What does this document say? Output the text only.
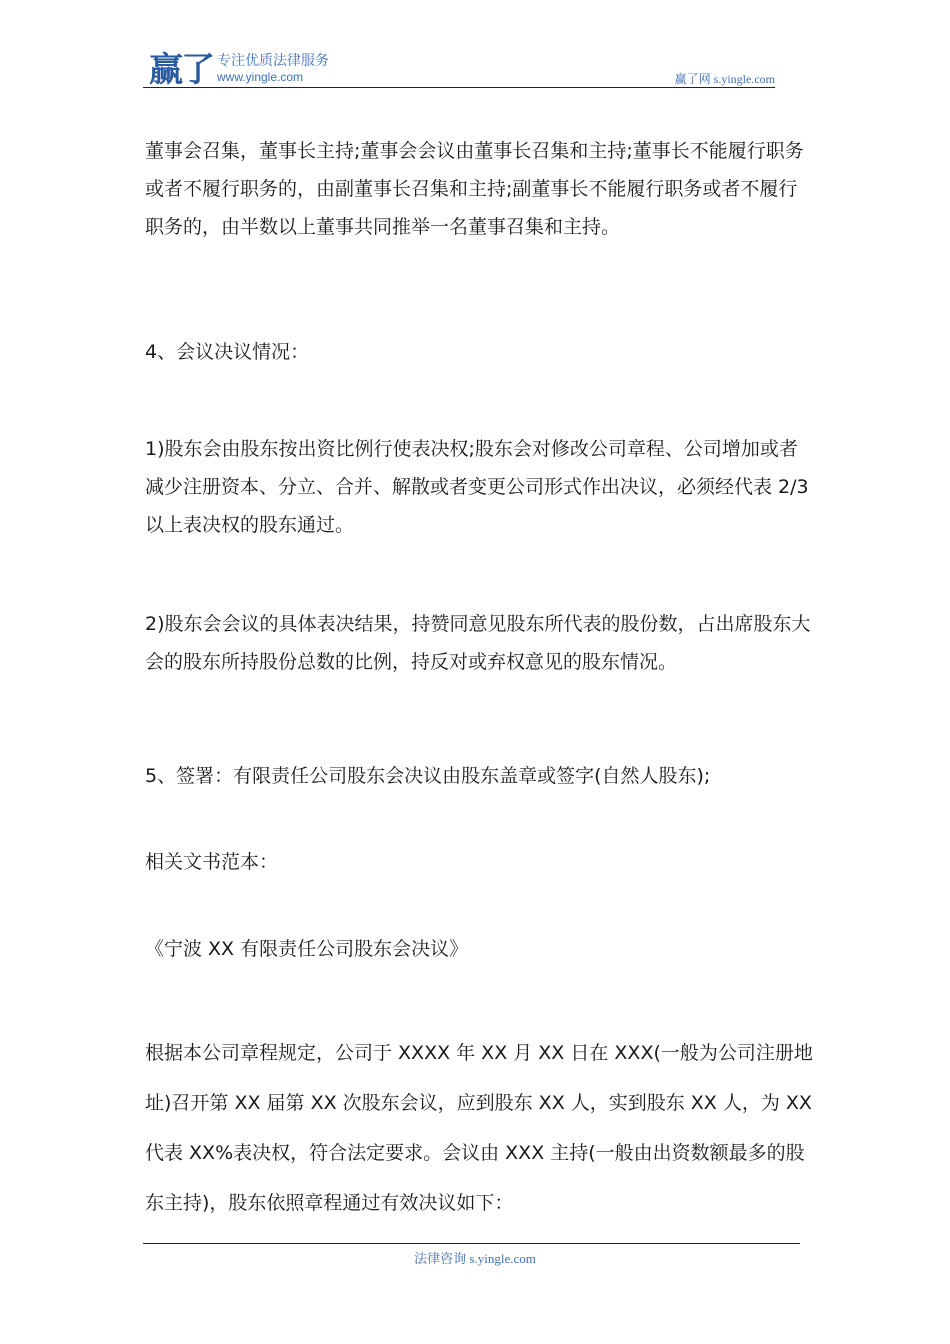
赢了 专注优质法律服务
www.yingle.com	赢了网 s.yingle.com

董事会召集，董事长主持;董事会会议由董事长召集和主持;董事长不能履行职务或者不履行职务的，由副董事长召集和主持;副董事长不能履行职务或者不履行职务的，由半数以上董事共同推举一名董事召集和主持。

4、会议决议情况：

1)股东会由股东按出资比例行使表决权;股东会对修改公司章程、公司增加或者减少注册资本、分立、合并、解散或者变更公司形式作出决议，必须经代表 2/3 以上表决权的股东通过。

2)股东会会议的具体表决结果，持赞同意见股东所代表的股份数，占出席股东大会的股东所持股份总数的比例，持反对或弃权意见的股东情况。

5、签署：有限责任公司股东会决议由股东盖章或签字(自然人股东);

相关文书范本：

《宁波 XX 有限责任公司股东会决议》

根据本公司章程规定，公司于 XXXX 年 XX 月 XX 日在 XXX(一般为公司注册地址)召开第 XX 届第 XX 次股东会议，应到股东 XX 人，实到股东 XX 人，为 XX 代表 XX%表决权，符合法定要求。会议由 XXX 主持(一般由出资数额最多的股东主持)，股东依照章程通过有效决议如下：

法律咨询 s.yingle.com
